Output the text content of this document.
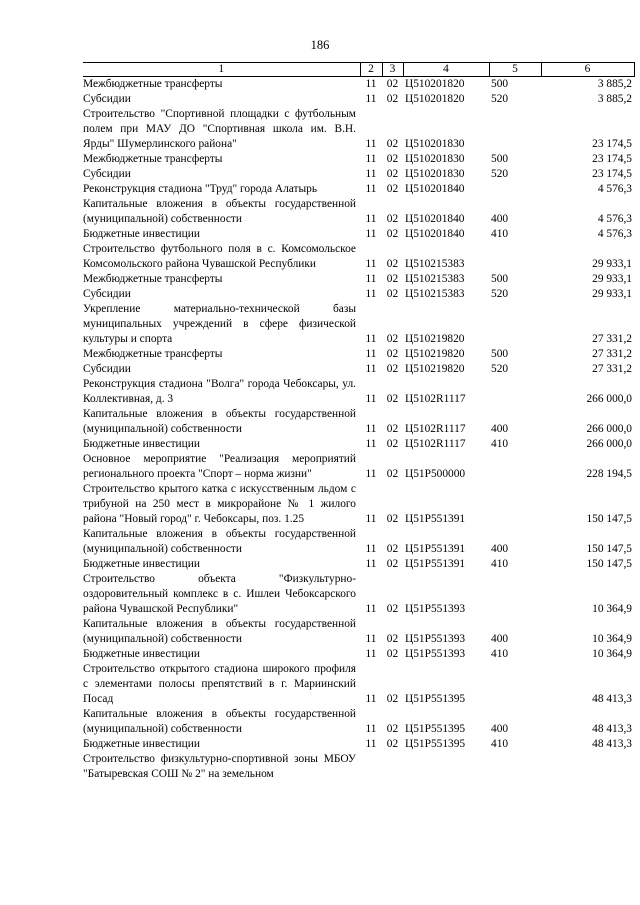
186
1	2	3	4	5	6
Межбюджетные трансферты	11	02	Ц510201820	500	3 885,2
Субсидии	11	02	Ц510201820	520	3 885,2
Строительство "Спортивной площадки с футбольным полем при МАУ ДО "Спортивная школа им. В.Н. Ярды" Шумерлинского района"	11	02	Ц510201830		23 174,5
Межбюджетные трансферты	11	02	Ц510201830	500	23 174,5
Субсидии	11	02	Ц510201830	520	23 174,5
Реконструкция стадиона "Труд" города Алатырь	11	02	Ц510201840		4 576,3
Капитальные вложения в объекты государственной (муниципальной) собственности	11	02	Ц510201840	400	4 576,3
Бюджетные инвестиции	11	02	Ц510201840	410	4 576,3
Строительство футбольного поля в с. Комсомольское Комсомольского района Чувашской Республики	11	02	Ц510215383		29 933,1
Межбюджетные трансферты	11	02	Ц510215383	500	29 933,1
Субсидии	11	02	Ц510215383	520	29 933,1
Укрепление материально-технической базы муниципальных учреждений в сфере физической культуры и спорта	11	02	Ц510219820		27 331,2
Межбюджетные трансферты	11	02	Ц510219820	500	27 331,2
Субсидии	11	02	Ц510219820	520	27 331,2
Реконструкция стадиона "Волга" города Чебоксары, ул. Коллективная, д. 3	11	02	Ц5102R1117		266 000,0
Капитальные вложения в объекты государственной (муниципальной) собственности	11	02	Ц5102R1117	400	266 000,0
Бюджетные инвестиции	11	02	Ц5102R1117	410	266 000,0
Основное мероприятие "Реализация мероприятий регионального проекта "Спорт – норма жизни"	11	02	Ц51P500000		228 194,5
Строительство крытого катка с искусственным льдом с трибуной на 250 мест в микрорайоне № 1 жилого района "Новый город" г. Чебоксары, поз. 1.25	11	02	Ц51P551391		150 147,5
Капитальные вложения в объекты государственной (муниципальной) собственности	11	02	Ц51P551391	400	150 147,5
Бюджетные инвестиции	11	02	Ц51P551391	410	150 147,5
Строительство объекта "Физкультурно-оздоровительный комплекс в с. Ишлеи Чебоксарского района Чувашской Республики"	11	02	Ц51P551393		10 364,9
Капитальные вложения в объекты государственной (муниципальной) собственности	11	02	Ц51P551393	400	10 364,9
Бюджетные инвестиции	11	02	Ц51P551393	410	10 364,9
Строительство открытого стадиона широкого профиля с элементами полосы препятствий в г. Мариинский Посад	11	02	Ц51P551395		48 413,3
Капитальные вложения в объекты государственной (муниципальной) собственности	11	02	Ц51P551395	400	48 413,3
Бюджетные инвестиции	11	02	Ц51P551395	410	48 413,3
Строительство физкультурно-спортивной зоны МБОУ "Батыревская СОШ № 2" на земельном					
